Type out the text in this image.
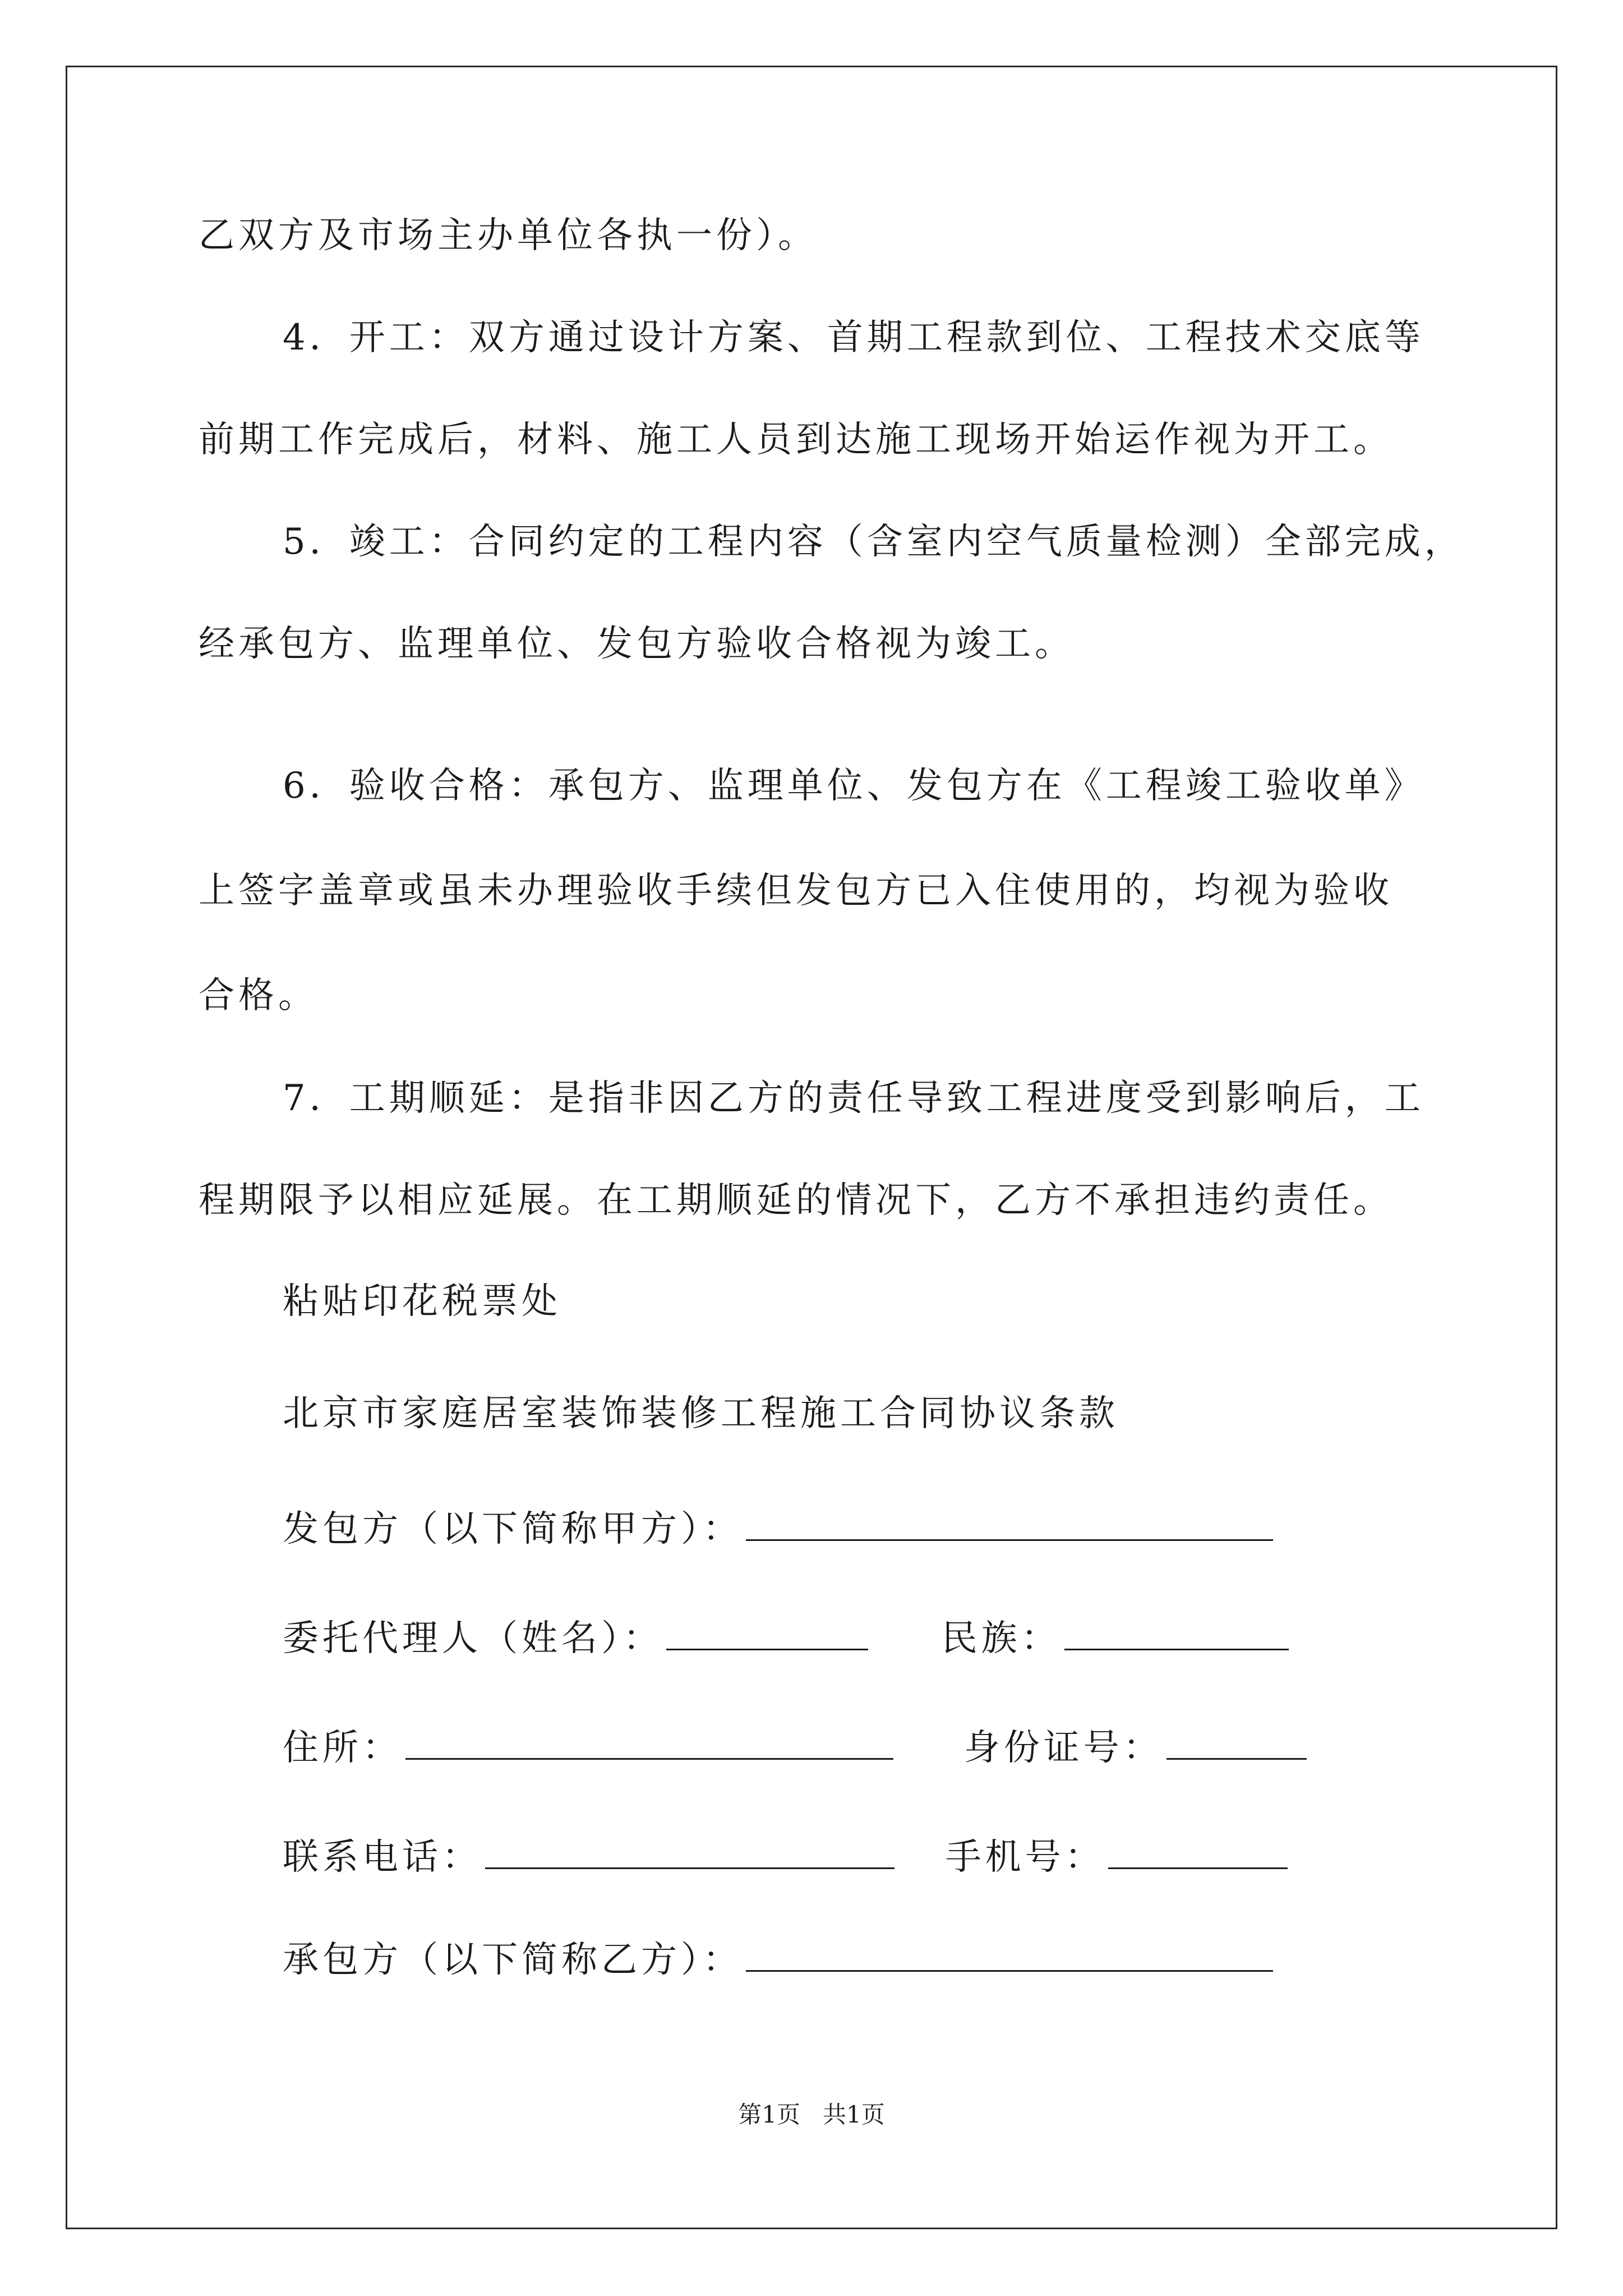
乙双方及市场主办单位各执一份）。
4．开工：双方通过设计方案、首期工程款到位、工程技术交底等
前期工作完成后，材料、施工人员到达施工现场开始运作视为开工。
5．竣工：合同约定的工程内容（含室内空气质量检测）全部完成，
经承包方、监理单位、发包方验收合格视为竣工。
6．验收合格：承包方、监理单位、发包方在《工程竣工验收单》
上签字盖章或虽未办理验收手续但发包方已入住使用的，均视为验收
合格。
7．工期顺延：是指非因乙方的责任导致工程进度受到影响后，工
程期限予以相应延展。在工期顺延的情况下，乙方不承担违约责任。
粘贴印花税票处
北京市家庭居室装饰装修工程施工合同协议条款
发包方（以下简称甲方）：
委托代理人（姓名）：	民族：
住所：	身份证号：
联系电话：	手机号：
承包方（以下简称乙方）：
第1页 共1页
